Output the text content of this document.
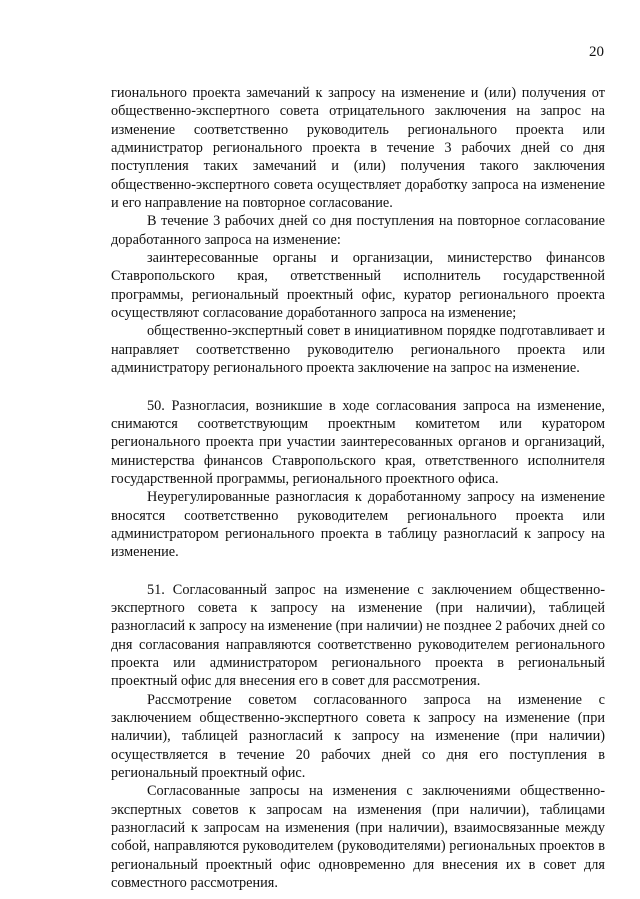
20

гионального проекта замечаний к запросу на изменение и (или) получения от общественно-экспертного совета отрицательного заключения на запрос на изменение соответственно руководитель регионального проекта или администратор регионального проекта в течение 3 рабочих дней со дня поступления таких замечаний и (или) получения такого заключения общественно-экспертного совета осуществляет доработку запроса на изменение и его направление на повторное согласование.

В течение 3 рабочих дней со дня поступления на повторное согласование доработанного запроса на изменение:

заинтересованные органы и организации, министерство финансов Ставропольского края, ответственный исполнитель государственной программы, региональный проектный офис, куратор регионального проекта осуществляют согласование доработанного запроса на изменение;

общественно-экспертный совет в инициативном порядке подготавливает и направляет соответственно руководителю регионального проекта или администратору регионального проекта заключение на запрос на изменение.

50. Разногласия, возникшие в ходе согласования запроса на изменение, снимаются соответствующим проектным комитетом или куратором регионального проекта при участии заинтересованных органов и организаций, министерства финансов Ставропольского края, ответственного исполнителя государственной программы, регионального проектного офиса.

Неурегулированные разногласия к доработанному запросу на изменение вносятся соответственно руководителем регионального проекта или администратором регионального проекта в таблицу разногласий к запросу на изменение.

51. Согласованный запрос на изменение с заключением общественно-экспертного совета к запросу на изменение (при наличии), таблицей разногласий к запросу на изменение (при наличии) не позднее 2 рабочих дней со дня согласования направляются соответственно руководителем регионального проекта или администратором регионального проекта в региональный проектный офис для внесения его в совет для рассмотрения.

Рассмотрение советом согласованного запроса на изменение с заключением общественно-экспертного совета к запросу на изменение (при наличии), таблицей разногласий к запросу на изменение (при наличии) осуществляется в течение 20 рабочих дней со дня его поступления в региональный проектный офис.

Согласованные запросы на изменения с заключениями общественно-экспертных советов к запросам на изменения (при наличии), таблицами разногласий к запросам на изменения (при наличии), взаимосвязанные между собой, направляются руководителем (руководителями) региональных проектов в региональный проектный офис одновременно для внесения их в совет для совместного рассмотрения.
